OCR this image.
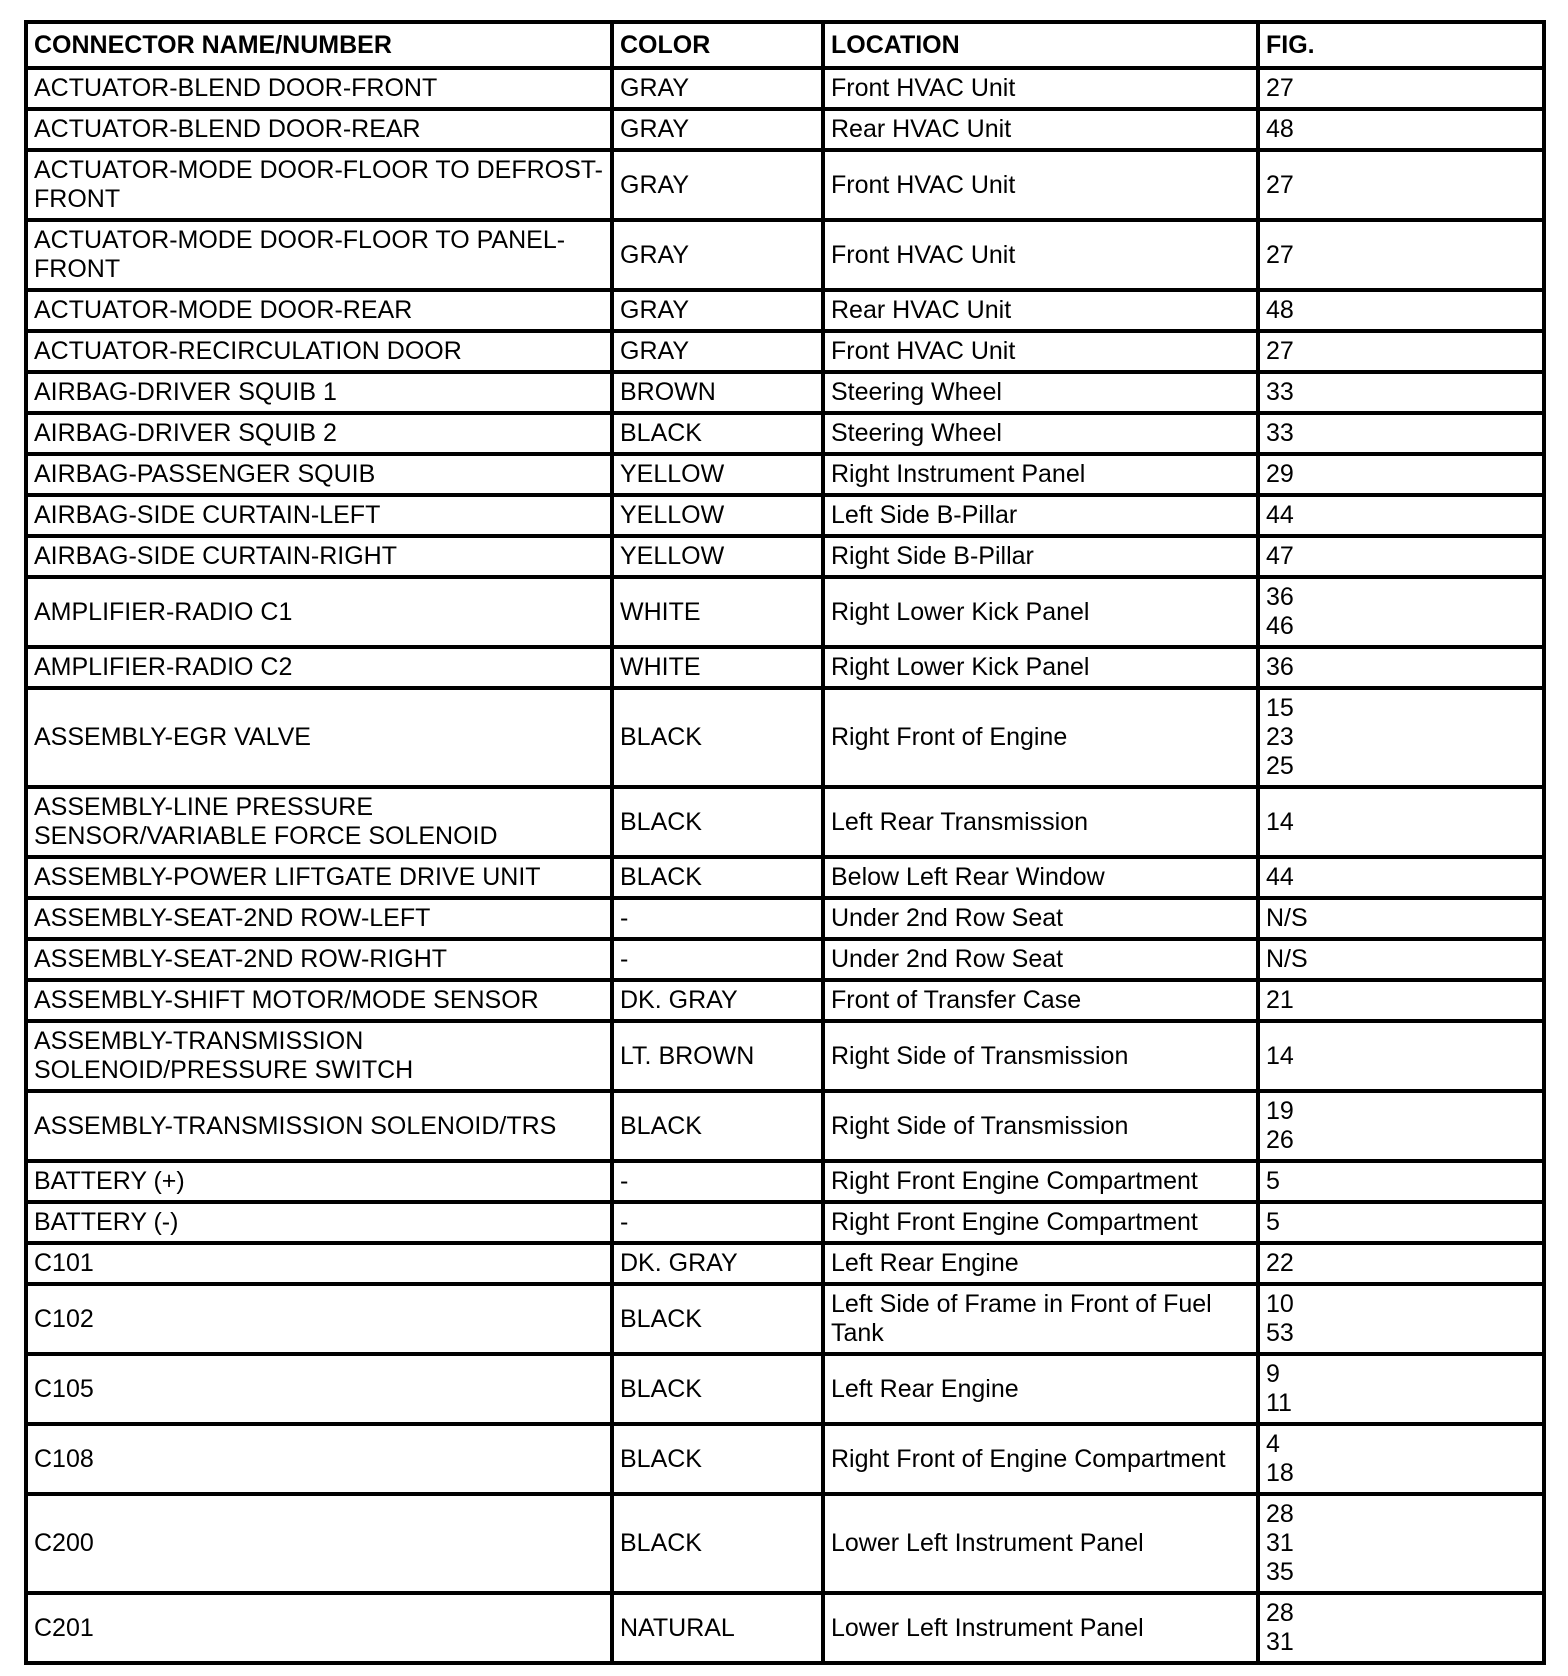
CONNECTOR NAME/NUMBER	COLOR	LOCATION	FIG.
ACTUATOR-BLEND DOOR-FRONT	GRAY	Front HVAC Unit	27

ACTUATOR-BLEND DOOR-REAR	GRAY	Rear HVAC Unit	48

ACTUATOR-MODE DOOR-FLOOR TO DEFROST-FRONT	GRAY	Front HVAC Unit	27

ACTUATOR-MODE DOOR-FLOOR TO PANEL-FRONT	GRAY	Front HVAC Unit	27

ACTUATOR-MODE DOOR-REAR	GRAY	Rear HVAC Unit	48

ACTUATOR-RECIRCULATION DOOR	GRAY	Front HVAC Unit	27

AIRBAG-DRIVER SQUIB 1	BROWN	Steering Wheel	33

AIRBAG-DRIVER SQUIB 2	BLACK	Steering Wheel	33

AIRBAG-PASSENGER SQUIB	YELLOW	Right Instrument Panel	29

AIRBAG-SIDE CURTAIN-LEFT	YELLOW	Left Side B-Pillar	44

AIRBAG-SIDE CURTAIN-RIGHT	YELLOW	Right Side B-Pillar	47

AMPLIFIER-RADIO C1	WHITE	Right Lower Kick Panel	36
46

AMPLIFIER-RADIO C2	WHITE	Right Lower Kick Panel	36

ASSEMBLY-EGR VALVE	BLACK	Right Front of Engine	15
23
25

ASSEMBLY-LINE PRESSURE SENSOR/VARIABLE FORCE SOLENOID	BLACK	Left Rear Transmission	14

ASSEMBLY-POWER LIFTGATE DRIVE UNIT	BLACK	Below Left Rear Window	44

ASSEMBLY-SEAT-2ND ROW-LEFT	-	Under 2nd Row Seat	N/S

ASSEMBLY-SEAT-2ND ROW-RIGHT	-	Under 2nd Row Seat	N/S

ASSEMBLY-SHIFT MOTOR/MODE SENSOR	DK. GRAY	Front of Transfer Case	21

ASSEMBLY-TRANSMISSION SOLENOID/PRESSURE SWITCH	LT. BROWN	Right Side of Transmission	14

ASSEMBLY-TRANSMISSION SOLENOID/TRS	BLACK	Right Side of Transmission	19
26

BATTERY (+)	-	Right Front Engine Compartment	5

BATTERY (-)	-	Right Front Engine Compartment	5

C101	DK. GRAY	Left Rear Engine	22

C102	BLACK	Left Side of Frame in Front of Fuel Tank	10
53

C105	BLACK	Left Rear Engine	9
11

C108	BLACK	Right Front of Engine Compartment	4
18

C200	BLACK	Lower Left Instrument Panel	28
31
35

C201	NATURAL	Lower Left Instrument Panel	28
31
